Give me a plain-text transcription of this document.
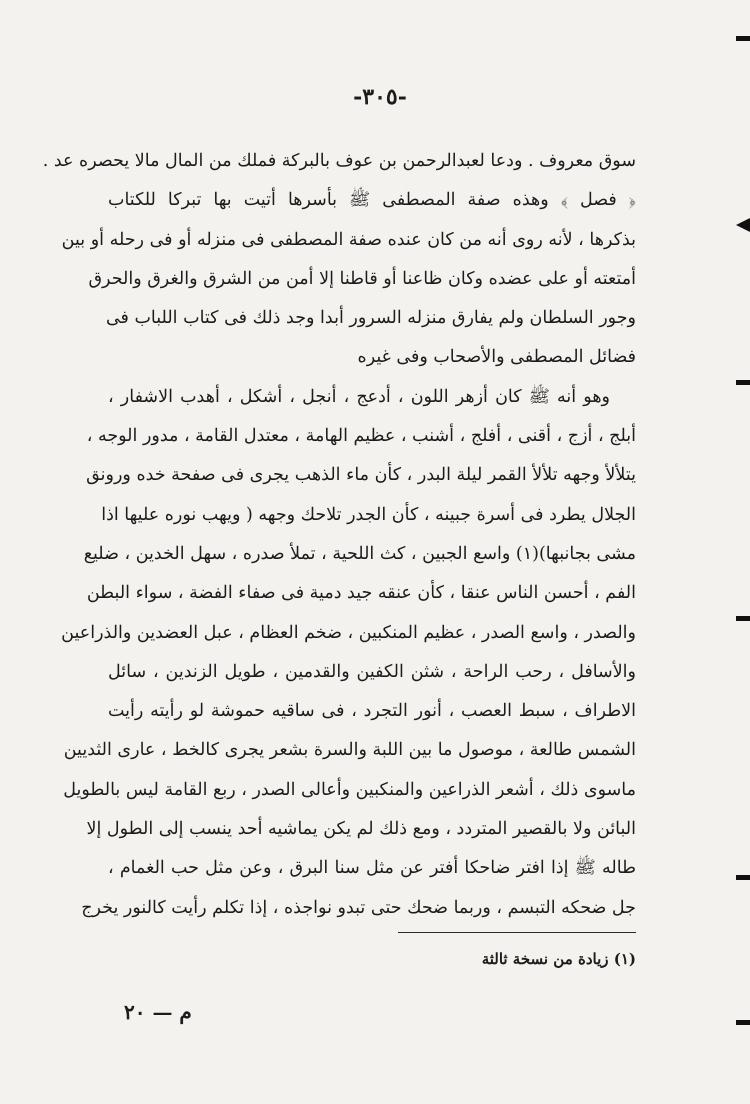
-٣٠٥-
سوق معروف . ودعا لعبدالرحمن بن عوف بالبركة فملك من المال مالا يحصره عد .
﴿ فصل ﴾ وهذه صفة المصطفى ﷺ بأسرها أتيت بها تبركا للكتاب
بذكرها ، لأنه روى أنه من كان عنده صفة المصطفى فى منزله أو فى رحله أو بين
أمتعته أو على عضده وكان ظاعنا أو قاطنا إلا أمن من الشرق والغرق والحرق
وجور السلطان ولم يفارق منزله السرور أبدا وجد ذلك فى كتاب اللباب فى
فضائل المصطفى والأصحاب وفى غيره
وهو أنه ﷺ كان أزهر اللون ، أدعج ، أنجل ، أشكل ، أهدب الاشفار ،
أبلج ، أزج ، أقنى ، أفلج ، أشنب ، عظيم الهامة ، معتدل القامة ، مدور الوجه ،
يتلألأ وجهه تلألأ القمر ليلة البدر ، كأن ماء الذهب يجرى فى صفحة خده ورونق
الجلال يطرد فى أسرة جبينه ، كأن الجدر تلاحك وجهه ( ويهب نوره عليها اذا
مشى بجانبها)(١) واسع الجبين ، كث اللحية ، تملأ صدره ، سهل الخدين ، ضليع
الفم ، أحسن الناس عنقا ، كأن عنقه جيد دمية فى صفاء الفضة ، سواء البطن
والصدر ، واسع الصدر ، عظيم المنكبين ، ضخم العظام ، عبل العضدين والذراعين
والأسافل ، رحب الراحة ، شثن الكفين والقدمين ، طويل الزندين ، سائل
الاطراف ، سبط العصب ، أنور التجرد ، فى ساقيه حموشة لو رأيته رأيت
الشمس طالعة ، موصول ما بين اللبة والسرة بشعر يجرى كالخط ، عارى الثديين
ماسوى ذلك ، أشعر الذراعين والمنكبين وأعالى الصدر ، ربع القامة ليس بالطويل
البائن ولا بالقصير المتردد ، ومع ذلك لم يكن يماشيه أحد ينسب إلى الطول إلا
طاله ﷺ إذا افتر ضاحكا أفتر عن مثل سنا البرق ، وعن مثل حب الغمام ،
جل ضحكه التبسم ، وربما ضحك حتى تبدو نواجذه ، إذا تكلم رأيت كالنور يخرج
(١) زيادة من نسخة ثالثة
م — ٢٠
